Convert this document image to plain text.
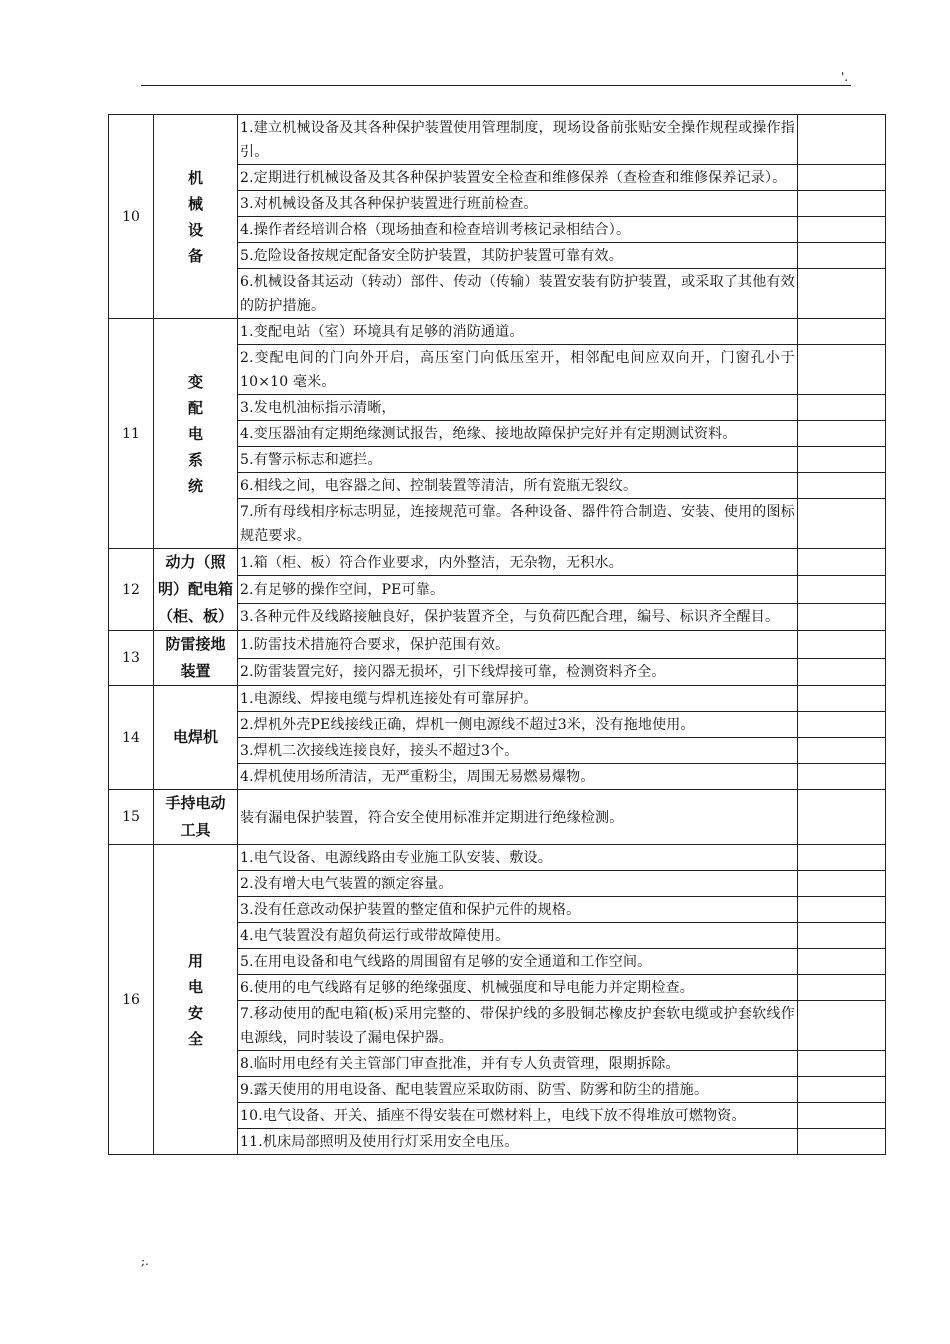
'.
10	机
械
设
备	1.建立机械设备及其各种保护装置使用管理制度，现场设备前张贴安全操作规程或操作指引。	
		2.定期进行机械设备及其各种保护装置安全检查和维修保养（查检查和维修保养记录）。	
		3.对机械设备及其各种保护装置进行班前检查。	
		4.操作者经培训合格（现场抽查和检查培训考核记录相结合）。	
		5.危险设备按规定配备安全防护装置，其防护装置可靠有效。	
		6.机械设备其运动（转动）部件、传动（传输）装置安装有防护装置，或采取了其他有效的防护措施。	
11	变
配
电
系
统	1.变配电站（室）环境具有足够的消防通道。	
		2.变配电间的门向外开启，高压室门向低压室开，相邻配电间应双向开，门窗孔小于 10×10 毫米。	
		3.发电机油标指示清晰，	
		4.变压器油有定期绝缘测试报告，绝缘、接地故障保护完好并有定期测试资料。	
		5.有警示标志和遮拦。	
		6.相线之间，电容器之间、控制装置等清洁，所有瓷瓶无裂纹。	
		7.所有母线相序标志明显，连接规范可靠。各种设备、器件符合制造、安装、使用的图标规范要求。	
12	动力（照
明）配电箱
（柜、板）	1.箱（柜、板）符合作业要求，内外整洁，无杂物，无积水。	
		2.有足够的操作空间，PE可靠。	
		3.各种元件及线路接触良好，保护装置齐全，与负荷匹配合理，编号、标识齐全醒目。	
13	防雷接地
装置	1.防雷技术措施符合要求，保护范围有效。	
		2.防雷装置完好，接闪器无损坏，引下线焊接可靠，检测资料齐全。	
14	电焊机	1.电源线、焊接电缆与焊机连接处有可靠屏护。	
		2.焊机外壳PE线接线正确，焊机一侧电源线不超过3米，没有拖地使用。	
		3.焊机二次接线连接良好，接头不超过3个。	
		4.焊机使用场所清洁，无严重粉尘，周围无易燃易爆物。	
15	手持电动
工具	装有漏电保护装置，符合安全使用标准并定期进行绝缘检测。	
16	用
电
安
全	1.电气设备、电源线路由专业施工队安装、敷设。	
		2.没有增大电气装置的额定容量。	
		3.没有任意改动保护装置的整定值和保护元件的规格。	
		4.电气装置没有超负荷运行或带故障使用。	
		5.在用电设备和电气线路的周围留有足够的安全通道和工作空间。	
		6.使用的电气线路有足够的绝缘强度、机械强度和导电能力并定期检查。	
		7.移动使用的配电箱(板)采用完整的、带保护线的多股铜芯橡皮护套软电缆或护套软线作电源线，同时装设了漏电保护器。	
		8.临时用电经有关主管部门审查批准，并有专人负责管理，限期拆除。	
		9.露天使用的用电设备、配电装置应采取防雨、防雪、防雾和防尘的措施。	
		10.电气设备、开关、插座不得安装在可燃材料上，电线下放不得堆放可燃物资。	
		11.机床局部照明及使用行灯采用安全电压。	
;.
